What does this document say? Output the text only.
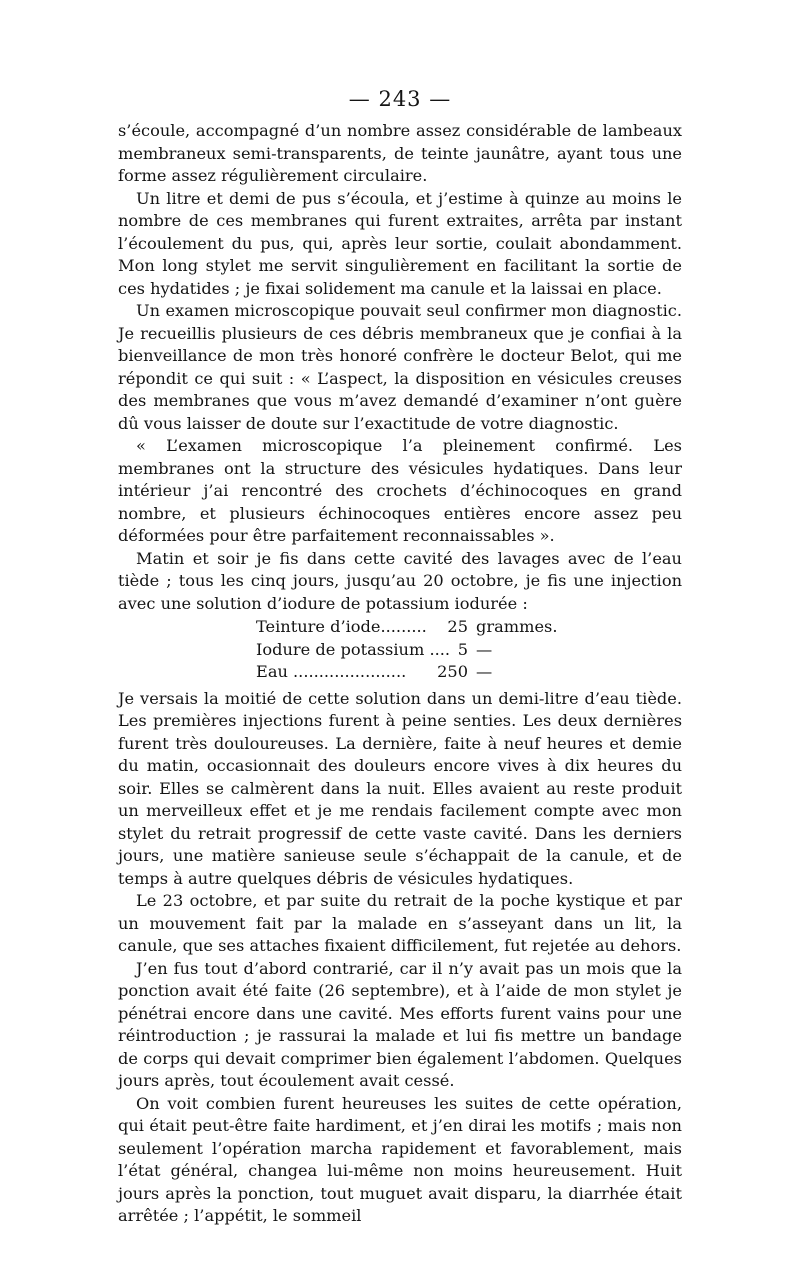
— 243 —

s’écoule, accompagné d’un nombre assez considérable de lambeaux membraneux semi-transparents, de teinte jaunâtre, ayant tous une forme assez régulièrement circulaire.

Un litre et demi de pus s’écoula, et j’estime à quinze au moins le nombre de ces membranes qui furent extraites, arrêta par instant l’écoulement du pus, qui, après leur sortie, coulait abondamment. Mon long stylet me servit singulièrement en facilitant la sortie de ces hydatides ; je fixai solidement ma canule et la laissai en place.

Un examen microscopique pouvait seul confirmer mon diagnostic. Je recueillis plusieurs de ces débris membraneux que je confiai à la bienveillance de mon très honoré confrère le docteur Belot, qui me répondit ce qui suit : « L’aspect, la disposition en vésicules creuses des membranes que vous m’avez demandé d’examiner n’ont guère dû vous laisser de doute sur l’exactitude de votre diagnostic.

« L’examen microscopique l’a pleinement confirmé. Les membranes ont la structure des vésicules hydatiques. Dans leur intérieur j’ai rencontré des crochets d’échinocoques en grand nombre, et plusieurs échinocoques entières encore assez peu déformées pour être parfaitement reconnaissables ».

Matin et soir je fis dans cette cavité des lavages avec de l’eau tiède ; tous les cinq jours, jusqu’au 20 octobre, je fis une injection avec une solution d’iodure de potassium iodurée :

Teinture d’iode.........	25 grammes.
Iodure de potassium .... 5 —
Eau ......................	250 —

Je versais la moitié de cette solution dans un demi-litre d’eau tiède. Les premières injections furent à peine senties. Les deux dernières furent très douloureuses. La dernière, faite à neuf heures et demie du matin, occasionnait des douleurs encore vives à dix heures du soir. Elles se calmèrent dans la nuit. Elles avaient au reste produit un merveilleux effet et je me rendais facilement compte avec mon stylet du retrait progressif de cette vaste cavité. Dans les derniers jours, une matière sanieuse seule s’échappait de la canule, et de temps à autre quelques débris de vésicules hydatiques.

Le 23 octobre, et par suite du retrait de la poche kystique et par un mouvement fait par la malade en s’asseyant dans un lit, la canule, que ses attaches fixaient difficilement, fut rejetée au dehors.

J’en fus tout d’abord contrarié, car il n’y avait pas un mois que la ponction avait été faite (26 septembre), et à l’aide de mon stylet je pénétrai encore dans une cavité. Mes efforts furent vains pour une réintroduction ; je rassurai la malade et lui fis mettre un bandage de corps qui devait comprimer bien également l’abdomen. Quelques jours après, tout écoulement avait cessé.

On voit combien furent heureuses les suites de cette opération, qui était peut-être faite hardiment, et j’en dirai les motifs ; mais non seulement l’opération marcha rapidement et favorablement, mais l’état général, changea lui-même non moins heureusement. Huit jours après la ponction, tout muguet avait disparu, la diarrhée était arrêtée ; l’appétit, le sommeil
